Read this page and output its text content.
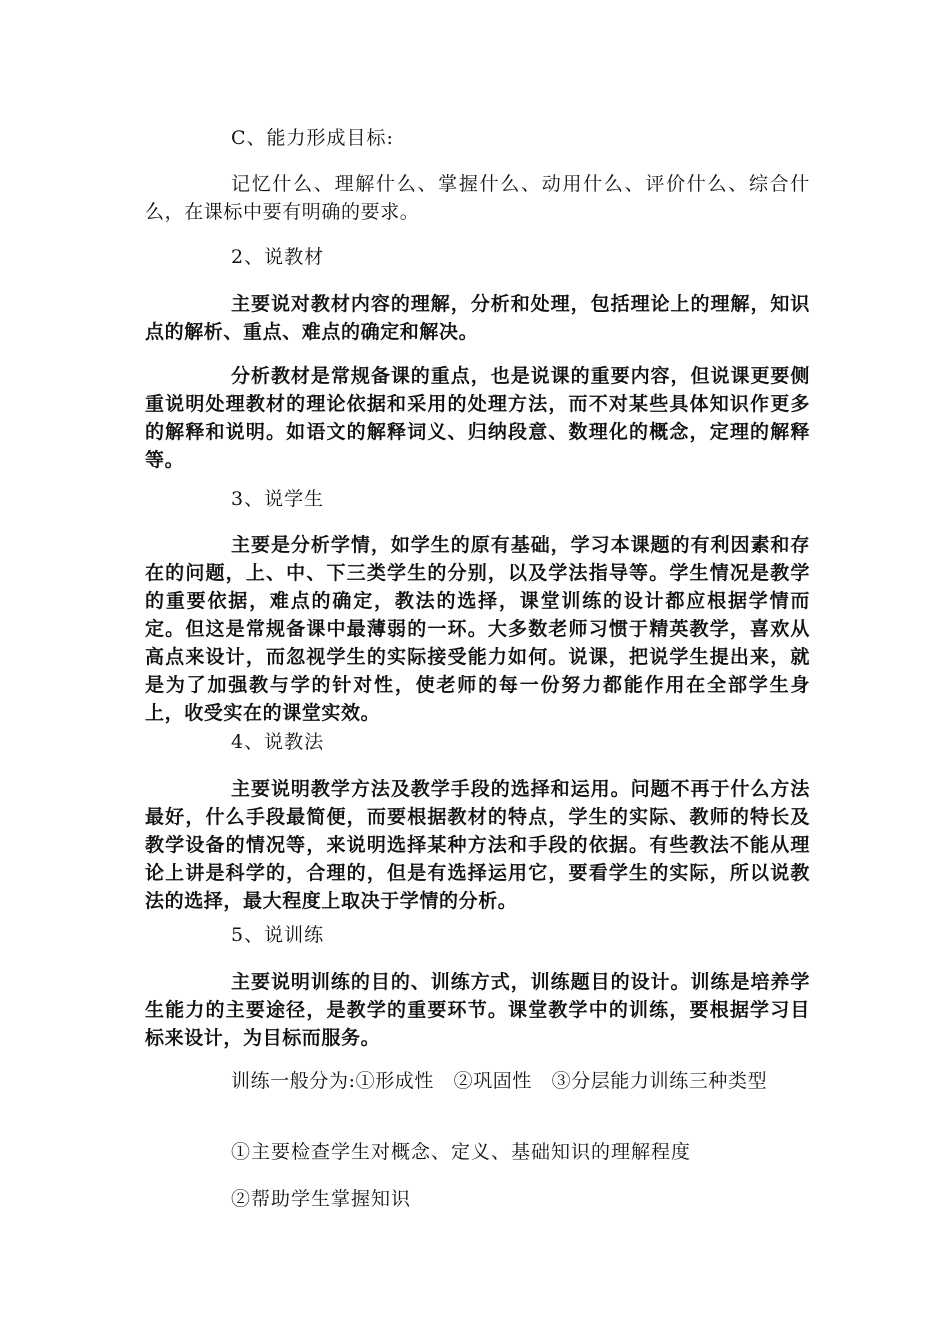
C、能力形成目标:

记忆什么、理解什么、掌握什么、动用什么、评价什么、综合什么，在课标中要有明确的要求。

2、说教材

主要说对教材内容的理解，分析和处理，包括理论上的理解，知识点的解析、重点、难点的确定和解决。

分析教材是常规备课的重点，也是说课的重要内容，但说课更要侧重说明处理教材的理论依据和采用的处理方法，而不对某些具体知识作更多的解释和说明。如语文的解释词义、归纳段意、数理化的概念，定理的解释等。

3、说学生

主要是分析学情，如学生的原有基础，学习本课题的有利因素和存在的问题，上、中、下三类学生的分别，以及学法指导等。学生情况是教学的重要依据，难点的确定，教法的选择，课堂训练的设计都应根据学情而定。但这是常规备课中最薄弱的一环。大多数老师习惯于精英教学，喜欢从高点来设计，而忽视学生的实际接受能力如何。说课，把说学生提出来，就是为了加强教与学的针对性，使老师的每一份努力都能作用在全部学生身上，收受实在的课堂实效。

4、说教法

主要说明教学方法及教学手段的选择和运用。问题不再于什么方法最好，什么手段最简便，而要根据教材的特点，学生的实际、教师的特长及教学设备的情况等，来说明选择某种方法和手段的依据。有些教法不能从理论上讲是科学的，合理的，但是有选择运用它，要看学生的实际，所以说教法的选择，最大程度上取决于学情的分析。

5、说训练

主要说明训练的目的、训练方式，训练题目的设计。训练是培养学生能力的主要途径，是教学的重要环节。课堂教学中的训练，要根据学习目标来设计，为目标而服务。

训练一般分为:①形成性　②巩固性　③分层能力训练三种类型

①主要检查学生对概念、定义、基础知识的理解程度

②帮助学生掌握知识
